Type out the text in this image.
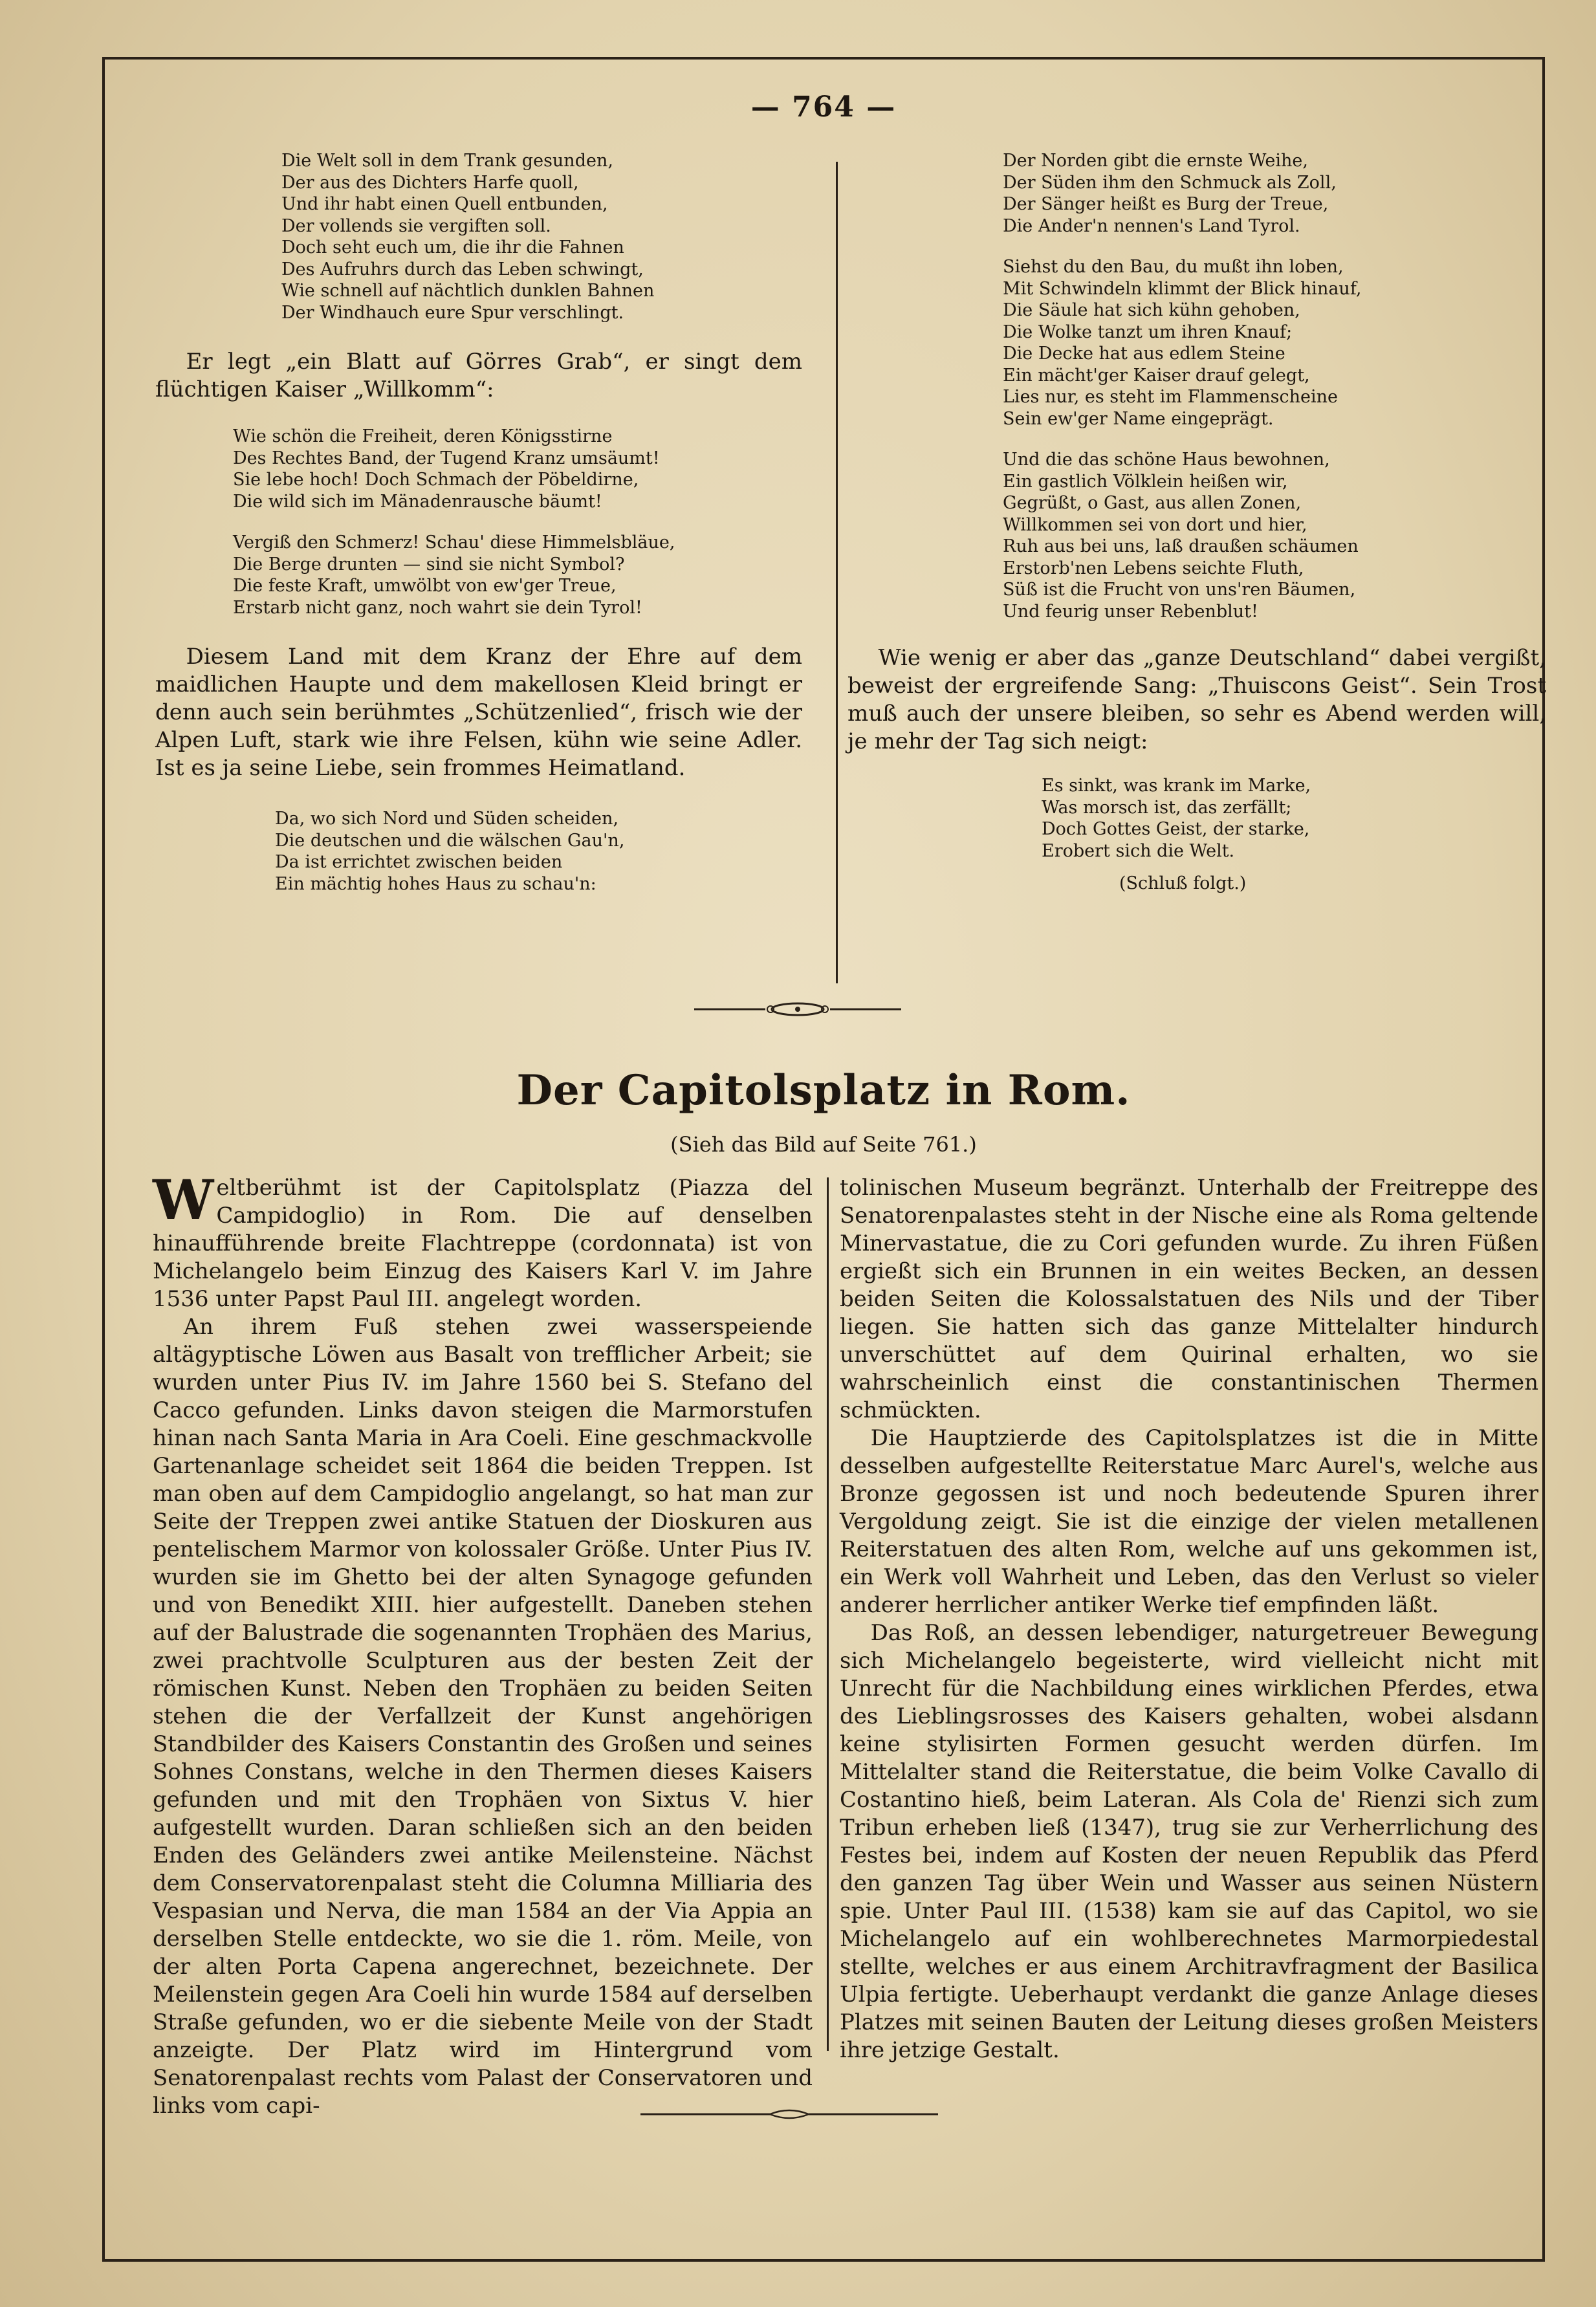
— 764 —
Die Welt soll in dem Trank gesunden,
Der aus des Dichters Harfe quoll,
Und ihr habt einen Quell entbunden,
Der vollends sie vergiften soll.
Doch seht euch um, die ihr die Fahnen
Des Aufruhrs durch das Leben schwingt,
Wie schnell auf nächtlich dunklen Bahnen
Der Windhauch eure Spur verschlingt.

Er legt „ein Blatt auf Görres Grab“, er singt dem flüchtigen Kaiser „Willkomm“:

Wie schön die Freiheit, deren Königsstirne
Des Rechtes Band, der Tugend Kranz umsäumt!
Sie lebe hoch! Doch Schmach der Pöbeldirne,
Die wild sich im Mänadenrausche bäumt!
Vergiß den Schmerz! Schau' diese Himmelsbläue,
Die Berge drunten — sind sie nicht Symbol?
Die feste Kraft, umwölbt von ew'ger Treue,
Erstarb nicht ganz, noch wahrt sie dein Tyrol!

Diesem Land mit dem Kranz der Ehre auf dem maidlichen Haupte und dem makellosen Kleid bringt er denn auch sein berühmtes „Schützenlied“, frisch wie der Alpen Luft, stark wie ihre Felsen, kühn wie seine Adler. Ist es ja seine Liebe, sein frommes Heimatland.

Da, wo sich Nord und Süden scheiden,
Die deutschen und die wälschen Gau'n,
Da ist errichtet zwischen beiden
Ein mächtig hohes Haus zu schau'n:
Der Norden gibt die ernste Weihe,
Der Süden ihm den Schmuck als Zoll,
Der Sänger heißt es Burg der Treue,
Die Ander'n nennen's Land Tyrol.
Siehst du den Bau, du mußt ihn loben,
Mit Schwindeln klimmt der Blick hinauf,
Die Säule hat sich kühn gehoben,
Die Wolke tanzt um ihren Knauf;
Die Decke hat aus edlem Steine
Ein mächt'ger Kaiser drauf gelegt,
Lies nur, es steht im Flammenscheine
Sein ew'ger Name eingeprägt.
Und die das schöne Haus bewohnen,
Ein gastlich Völklein heißen wir,
Gegrüßt, o Gast, aus allen Zonen,
Willkommen sei von dort und hier,
Ruh aus bei uns, laß draußen schäumen
Erstorb'nen Lebens seichte Fluth,
Süß ist die Frucht von uns'ren Bäumen,
Und feurig unser Rebenblut!

Wie wenig er aber das „ganze Deutschland“ dabei vergißt, beweist der ergreifende Sang: „Thuiscons Geist“. Sein Trost muß auch der unsere bleiben, so sehr es Abend werden will, je mehr der Tag sich neigt:

Es sinkt, was krank im Marke,
Was morsch ist, das zerfällt;
Doch Gottes Geist, der starke,
Erobert sich die Welt.
(Schluß folgt.)
Der Capitolsplatz in Rom.
(Sieh das Bild auf Seite 761.)
W eltberühmt ist der Capitolsplatz (Piazza del Campidoglio) in Rom. Die auf denselben hinaufführende breite Flachtreppe (cordonnata) ist von Michelangelo beim Einzug des Kaisers Karl V. im Jahre 1536 unter Papst Paul III. angelegt worden.

An ihrem Fuß stehen zwei wasserspeiende altägyptische Löwen aus Basalt von trefflicher Arbeit; sie wurden unter Pius IV. im Jahre 1560 bei S. Stefano del Cacco gefunden. Links davon steigen die Marmorstufen hinan nach Santa Maria in Ara Coeli. Eine geschmackvolle Gartenanlage scheidet seit 1864 die beiden Treppen. Ist man oben auf dem Campidoglio angelangt, so hat man zur Seite der Treppen zwei antike Statuen der Dioskuren aus pentelischem Marmor von kolossaler Größe. Unter Pius IV. wurden sie im Ghetto bei der alten Synagoge gefunden und von Benedikt XIII. hier aufgestellt. Daneben stehen auf der Balustrade die sogenannten Trophäen des Marius, zwei prachtvolle Sculpturen aus der besten Zeit der römischen Kunst. Neben den Trophäen zu beiden Seiten stehen die der Verfallzeit der Kunst angehörigen Standbilder des Kaisers Constantin des Großen und seines Sohnes Constans, welche in den Thermen dieses Kaisers gefunden und mit den Trophäen von Sixtus V. hier aufgestellt wurden. Daran schließen sich an den beiden Enden des Geländers zwei antike Meilensteine. Nächst dem Conservatorenpalast steht die Columna Milliaria des Vespasian und Nerva, die man 1584 an der Via Appia an derselben Stelle entdeckte, wo sie die 1. röm. Meile, von der alten Porta Capena angerechnet, bezeichnete. Der Meilenstein gegen Ara Coeli hin wurde 1584 auf derselben Straße gefunden, wo er die siebente Meile von der Stadt anzeigte. Der Platz wird im Hintergrund vom Senatorenpalast rechts vom Palast der Conservatoren und links vom capi-

tolinischen Museum begränzt. Unterhalb der Freitreppe des Senatorenpalastes steht in der Nische eine als Roma geltende Minervastatue, die zu Cori gefunden wurde. Zu ihren Füßen ergießt sich ein Brunnen in ein weites Becken, an dessen beiden Seiten die Kolossalstatuen des Nils und der Tiber liegen. Sie hatten sich das ganze Mittelalter hindurch unverschüttet auf dem Quirinal erhalten, wo sie wahrscheinlich einst die constantinischen Thermen schmückten.

Die Hauptzierde des Capitolsplatzes ist die in Mitte desselben aufgestellte Reiterstatue Marc Aurel's, welche aus Bronze gegossen ist und noch bedeutende Spuren ihrer Vergoldung zeigt. Sie ist die einzige der vielen metallenen Reiterstatuen des alten Rom, welche auf uns gekommen ist, ein Werk voll Wahrheit und Leben, das den Verlust so vieler anderer herrlicher antiker Werke tief empfinden läßt.

Das Roß, an dessen lebendiger, naturgetreuer Bewegung sich Michelangelo begeisterte, wird vielleicht nicht mit Unrecht für die Nachbildung eines wirklichen Pferdes, etwa des Lieblingsrosses des Kaisers gehalten, wobei alsdann keine stylisirten Formen gesucht werden dürfen. Im Mittelalter stand die Reiterstatue, die beim Volke Cavallo di Costantino hieß, beim Lateran. Als Cola de' Rienzi sich zum Tribun erheben ließ (1347), trug sie zur Verherrlichung des Festes bei, indem auf Kosten der neuen Republik das Pferd den ganzen Tag über Wein und Wasser aus seinen Nüstern spie. Unter Paul III. (1538) kam sie auf das Capitol, wo sie Michelangelo auf ein wohlberechnetes Marmorpiedestal stellte, welches er aus einem Architravfragment der Basilica Ulpia fertigte. Ueberhaupt verdankt die ganze Anlage dieses Platzes mit seinen Bauten der Leitung dieses großen Meisters ihre jetzige Gestalt.
